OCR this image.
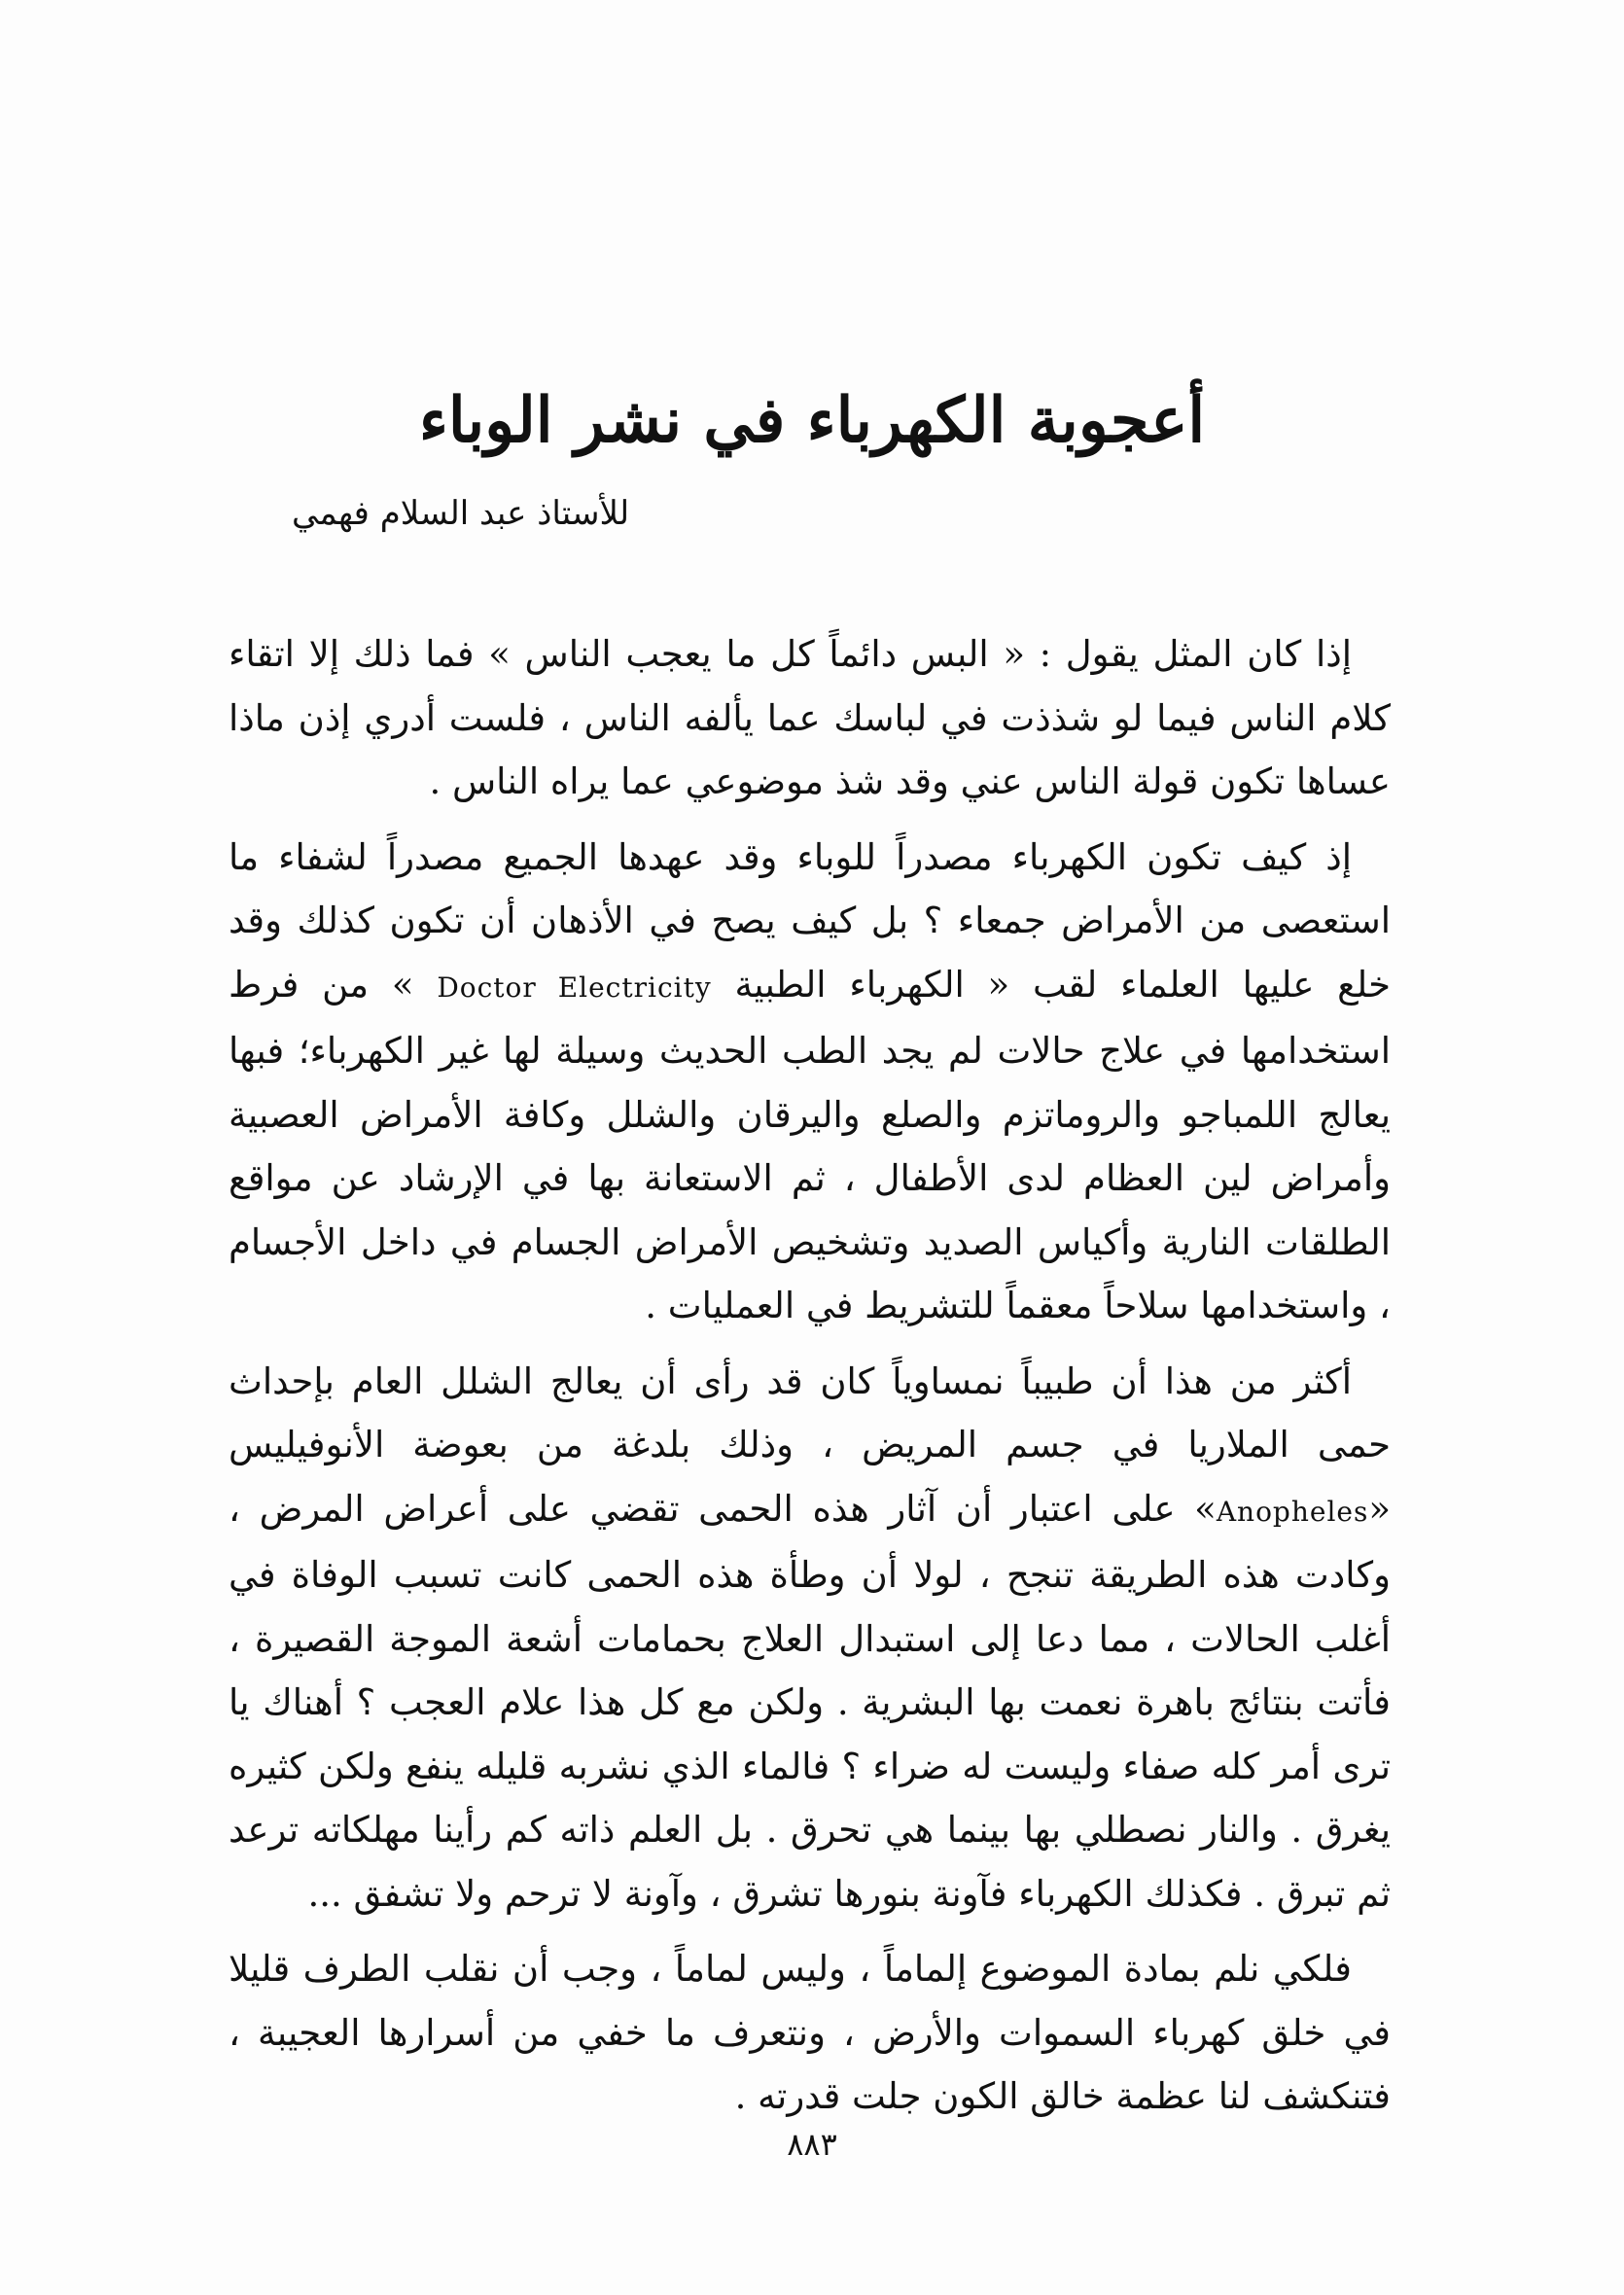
أعجوبة الكهرباء في نشر الوباء
للأستاذ عبد السلام فهمي

إذا كان المثل يقول : « البس دائماً كل ما يعجب الناس » فما ذلك إلا اتقاء كلام الناس فيما لو شذذت في لباسك عما يألفه الناس ، فلست أدري إذن ماذا عساها تكون قولة الناس عني وقد شذ موضوعي عما يراه الناس .

إذ كيف تكون الكهرباء مصدراً للوباء وقد عهدها الجميع مصدراً لشفاء ما استعصى من الأمراض جمعاء ؟ بل كيف يصح في الأذهان أن تكون كذلك وقد خلع عليها العلماء لقب « الكهرباء الطبية Doctor Electricity » من فرط استخدامها في علاج حالات لم يجد الطب الحديث وسيلة لها غير الكهرباء؛ فبها يعالج اللمباجو والروماتزم والصلع واليرقان والشلل وكافة الأمراض العصبية وأمراض لين العظام لدى الأطفال ، ثم الاستعانة بها في الإرشاد عن مواقع الطلقات النارية وأكياس الصديد وتشخيص الأمراض الجسام في داخل الأجسام ، واستخدامها سلاحاً معقماً للتشريط في العمليات .

أكثر من هذا أن طبيباً نمساوياً كان قد رأى أن يعالج الشلل العام بإحداث حمى الملاريا في جسم المريض ، وذلك بلدغة من بعوضة الأنوفيليس «Anopheles» على اعتبار أن آثار هذه الحمى تقضي على أعراض المرض ، وكادت هذه الطريقة تنجح ، لولا أن وطأة هذه الحمى كانت تسبب الوفاة في أغلب الحالات ، مما دعا إلى استبدال العلاج بحمامات أشعة الموجة القصيرة ، فأتت بنتائج باهرة نعمت بها البشرية . ولكن مع كل هذا علام العجب ؟ أهناك يا ترى أمر كله صفاء وليست له ضراء ؟ فالماء الذي نشربه قليله ينفع ولكن كثيره يغرق . والنار نصطلي بها بينما هي تحرق . بل العلم ذاته كم رأينا مهلكاته ترعد ثم تبرق . فكذلك الكهرباء فآونة بنورها تشرق ، وآونة لا ترحم ولا تشفق ...

فلكي نلم بمادة الموضوع إلماماً ، وليس لماماً ، وجب أن نقلب الطرف قليلا في خلق كهرباء السموات والأرض ، ونتعرف ما خفي من أسرارها العجيبة ، فتنكشف لنا عظمة خالق الكون جلت قدرته .

٨٨٣
